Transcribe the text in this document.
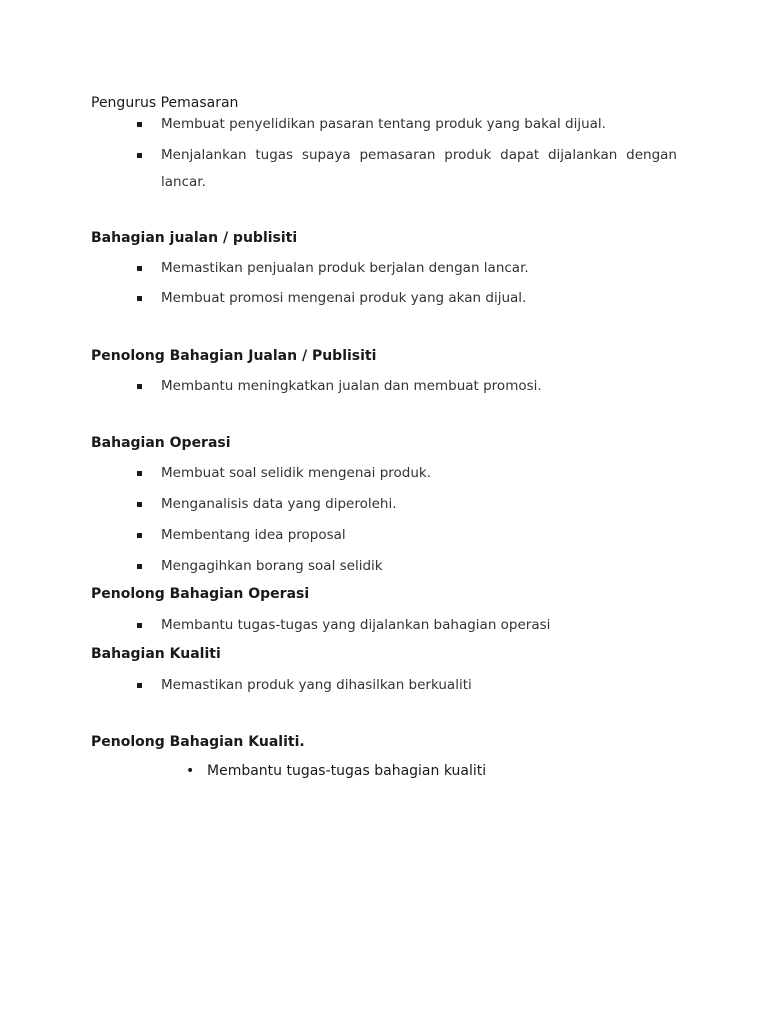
Pengurus Pemasaran
Membuat penyelidikan pasaran tentang produk yang bakal dijual.
Menjalankan tugas supaya pemasaran produk dapat dijalankan dengan lancar.
Bahagian jualan / publisiti
Memastikan penjualan produk berjalan dengan lancar.
Membuat promosi mengenai produk yang akan dijual.
Penolong Bahagian Jualan / Publisiti
Membantu meningkatkan jualan dan membuat promosi.
Bahagian Operasi
Membuat soal selidik mengenai produk.
Menganalisis data yang diperolehi.
Membentang idea proposal
Mengagihkan borang soal selidik
Penolong Bahagian Operasi
Membantu tugas-tugas yang dijalankan bahagian operasi
Bahagian Kualiti
Memastikan produk yang dihasilkan berkualiti
Penolong Bahagian Kualiti.
• Membantu tugas-tugas bahagian kualiti
